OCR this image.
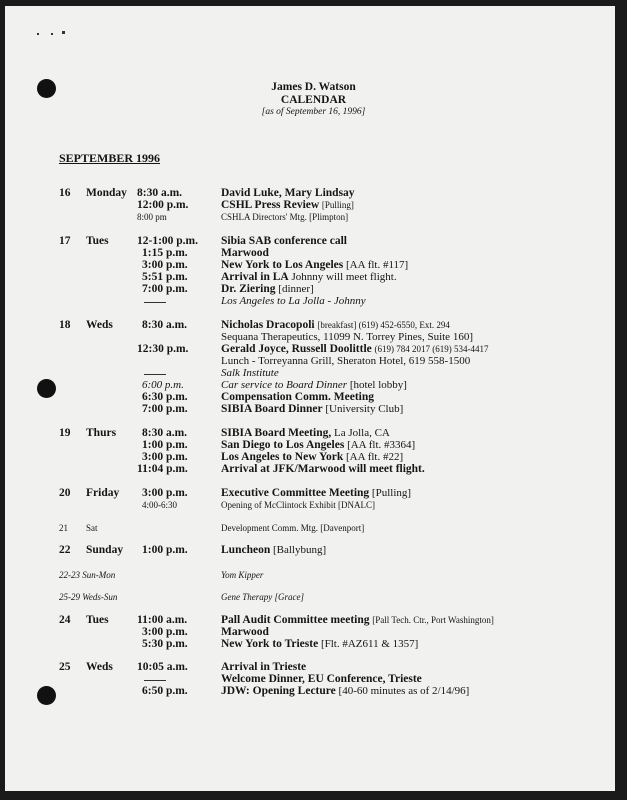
James D. Watson
CALENDAR
[as of September 16, 1996]
SEPTEMBER 1996
16 Monday 8:30 a.m.	David Luke, Mary Lindsay
12:00 p.m.	CSHL Press Review [Pulling]
8:00 pm	CSHLA Directors' Mtg. [Plimpton]
17 Tues 12-1:00 p.m. Sibia SAB conference call
1:15 p.m.	Marwood
3:00 p.m.	New York to Los Angeles [AA flt. #117]
5:51 p.m.	Arrival in LA Johnny will meet flight.
7:00 p.m.	Dr. Ziering [dinner]
Los Angeles to La Jolla - Johnny
18 Weds	8:30 a.m.	Nicholas Dracopoli [breakfast] (619) 452-6550, Ext. 294
Sequana Therapeutics, 11099 N. Torrey Pines, Suite 160]
12:30 p.m.	Gerald Joyce, Russell Doolittle (619) 784 2017 (619) 534-4417
Lunch - Torreyanna Grill, Sheraton Hotel, 619 558-1500
Salk Institute
6:00 p.m.	Car service to Board Dinner [hotel lobby]
6:30 p.m.	Compensation Comm. Meeting
7:00 p.m.	SIBIA Board Dinner [University Club]
19 Thurs 8:30 a.m.	SIBIA Board Meeting, La Jolla, CA
1:00 p.m.	San Diego to Los Angeles [AA flt. #3364]
3:00 p.m.	Los Angeles to New York [AA flt. #22]
11:04 p.m.	Arrival at JFK/Marwood will meet flight.
20 Friday 3:00 p.m.	Executive Committee Meeting [Pulling]
4:00-6:30	Opening of McClintock Exhibit [DNALC]
21 Sat	Development Comm. Mtg. [Davenport]
22 Sunday 1:00 p.m.	Luncheon [Ballybung]
22-23 Sun-Mon	Yom Kipper
25-29 Weds-Sun	Gene Therapy [Grace]
24 Tues 11:00 a.m.	Pall Audit Committee meeting [Pall Tech. Ctr., Port Washington]
3:00 p.m.	Marwood
5:30 p.m.	New York to Trieste [Flt. #AZ611 & 1357]
25 Weds 10:05 a.m.	Arrival in Trieste
Welcome Dinner, EU Conference, Trieste
6:50 p.m.	JDW: Opening Lecture [40-60 minutes as of 2/14/96]
